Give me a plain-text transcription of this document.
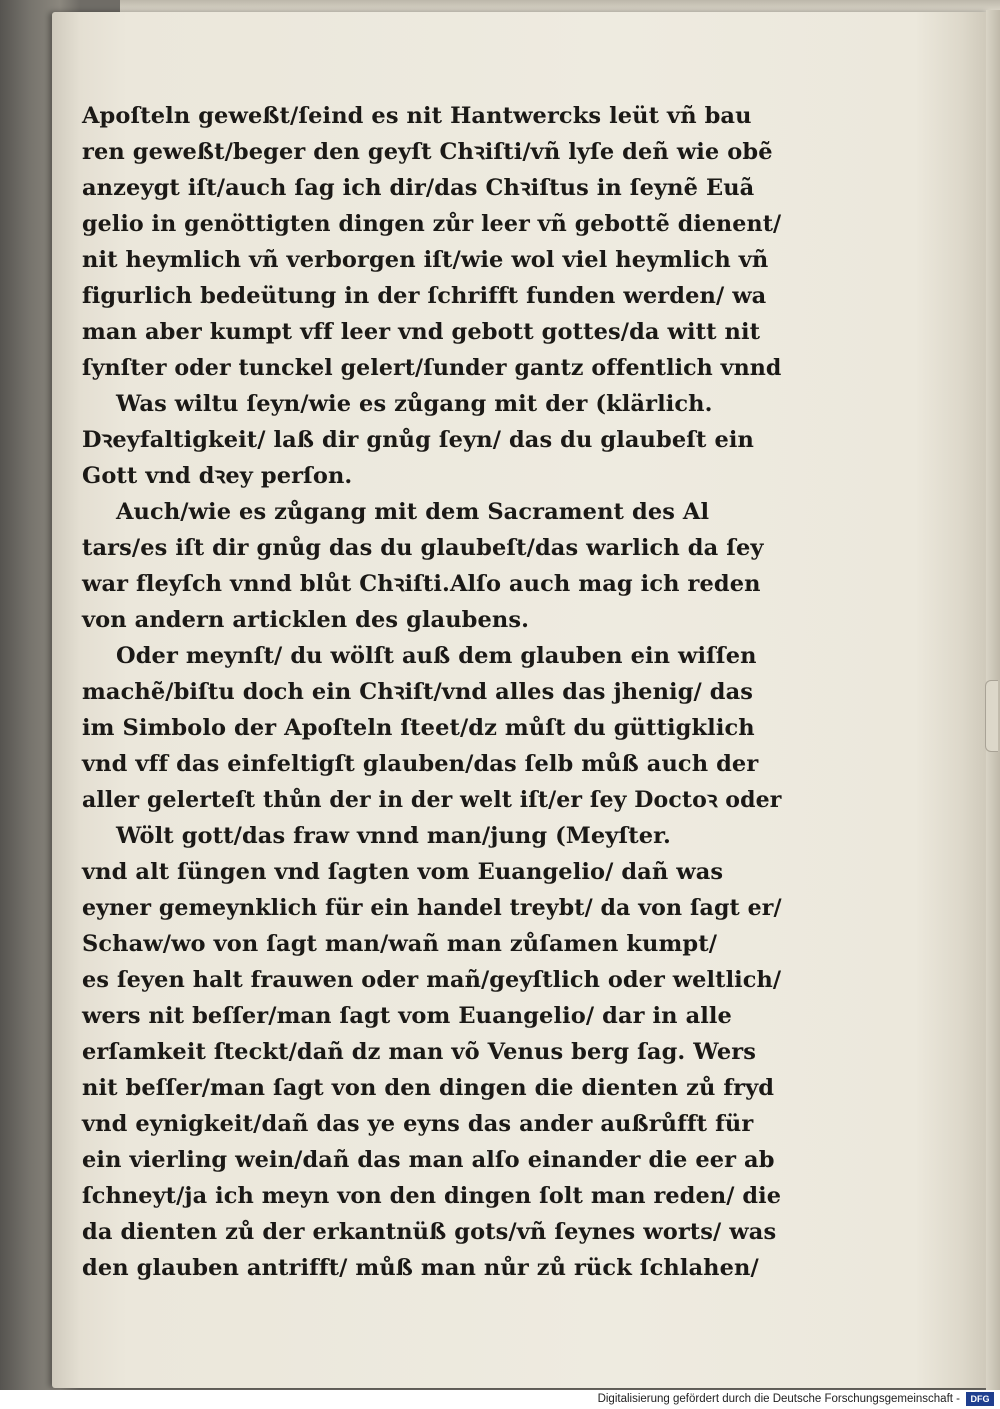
Apoſteln geweßt/ſeind es nit Hantwercks leüt vñ bau
ren geweßt/beger den geyſt Chꝛiſti/vñ lyſe deñ wie obẽ
anzeygt iſt/auch ſag ich dir/das Chꝛiſtus in ſeynẽ Euã
gelio in genöttigten dingen zůr leer vñ gebottẽ dienent/
nit heymlich vñ verborgen iſt/wie wol viel heymlich vñ
figurlich bedeütung in der ſchrifft funden werden/ wa
man aber kumpt vff leer vnd gebott gottes/da witt nit
ſynſter oder tunckel gelert/ſunder gantz offentlich vnnd
Was wiltu ſeyn/wie es zůgang mit der (klärlich.
Dꝛeyfaltigkeit/ laß dir gnůg ſeyn/ das du glaubeſt ein
Gott vnd dꝛey perſon.
Auch/wie es zůgang mit dem Sacrament des Al
tars/es iſt dir gnůg das du glaubeſt/das warlich da ſey
war fleyſch vnnd blůt Chꝛiſti.Alſo auch mag ich reden
von andern articklen des glaubens.
Oder meynſt/ du wölſt auß dem glauben ein wiſſen
machẽ/biſtu doch ein Chꝛiſt/vnd alles das jhenig/ das
im Simbolo der Apoſteln ſteet/dz můſt du güttigklich
vnd vff das einfeltigſt glauben/das ſelb můß auch der
aller gelerteſt thůn der in der welt iſt/er ſey Doctoꝛ oder
Wölt gott/das fraw vnnd man/jung (Meyſter.
vnd alt ſüngen vnd ſagten vom Euangelio/ dañ was
eyner gemeynklich für ein handel treybt/ da von ſagt er/
Schaw/wo von ſagt man/wañ man zůſamen kumpt/
es ſeyen halt frauwen oder mañ/geyſtlich oder weltlich/
wers nit beſſer/man ſagt vom Euangelio/ dar in alle
erſamkeit ſteckt/dañ dz man võ Venus berg ſag. Wers
nit beſſer/man ſagt von den dingen die dienten zů fryd
vnd eynigkeit/dañ das ye eyns das ander außrůfft für
ein vierling wein/dañ das man alſo einander die eer ab
ſchneyt/ja ich meyn von den dingen ſolt man reden/ die
da dienten zů der erkantnüß gots/vñ ſeynes worts/ was
den glauben antrifft/ můß man nůr zů rück ſchlahen/
Digitalisierung gefördert durch die Deutsche Forschungsgemeinschaft -	DFG
